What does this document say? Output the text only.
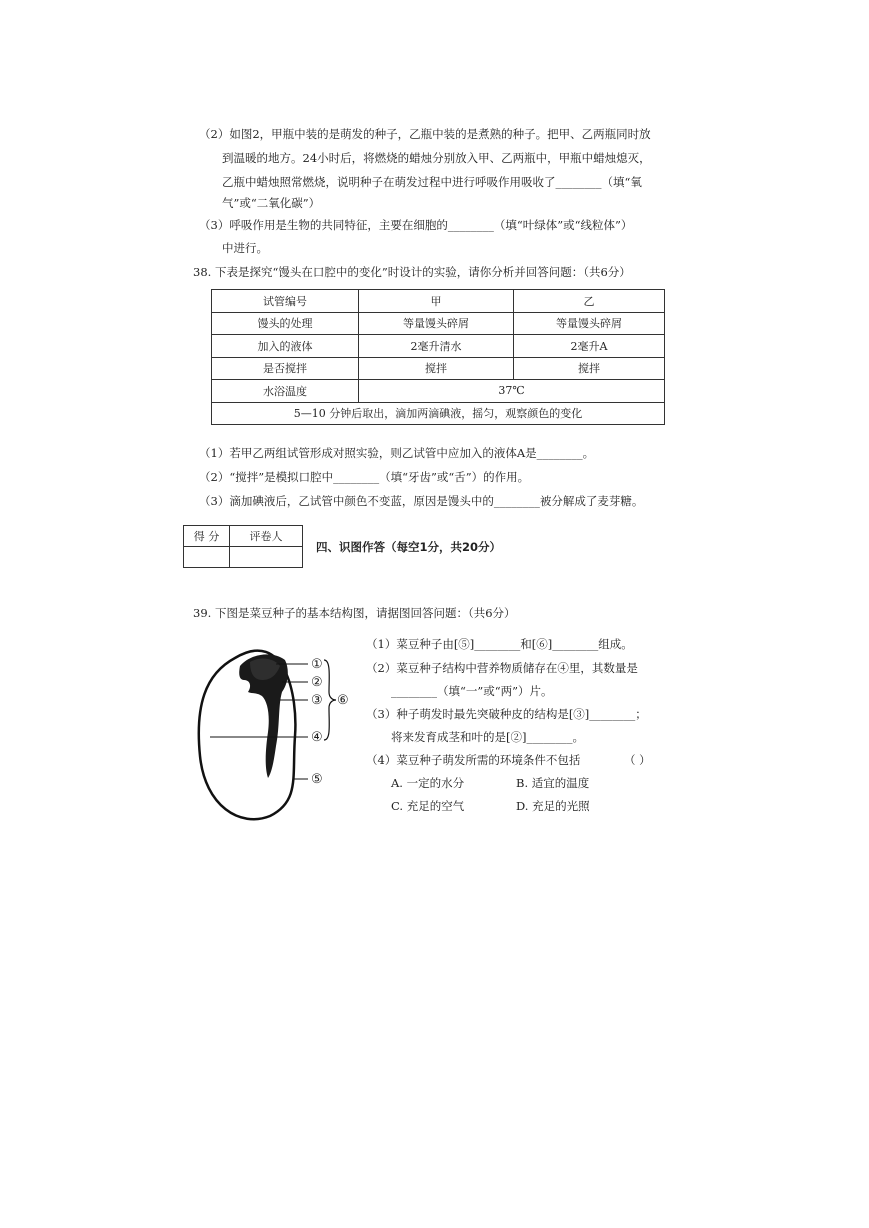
（2）如图2，甲瓶中装的是萌发的种子，乙瓶中装的是煮熟的种子。把甲、乙两瓶同时放
到温暖的地方。24小时后，将燃烧的蜡烛分别放入甲、乙两瓶中，甲瓶中蜡烛熄灭，
乙瓶中蜡烛照常燃烧，说明种子在萌发过程中进行呼吸作用吸收了________（填“氧
气”或“二氧化碳”）
（3）呼吸作用是生物的共同特征，主要在细胞的________（填“叶绿体”或“线粒体”）
中进行。
38. 下表是探究“馒头在口腔中的变化”时设计的实验，请你分析并回答问题：（共6分）
试管编号	甲	乙
馒头的处理	等量馒头碎屑	等量馒头碎屑
加入的液体	2毫升清水	2毫升A
是否搅拌	搅拌	搅拌
水浴温度	37℃	
5—10 分钟后取出，滴加两滴碘液，摇匀，观察颜色的变化		
（1）若甲乙两组试管形成对照实验，则乙试管中应加入的液体A是________。
（2）“搅拌”是模拟口腔中________（填“牙齿”或“舌”）的作用。
（3）滴加碘液后，乙试管中颜色不变蓝，原因是馒头中的________被分解成了麦芽糖。
得 分	评卷人

四、识图作答（每空1分，共20分）
39. 下图是菜豆种子的基本结构图，请据图回答问题：（共6分）
①
②
③
④
⑤
⑥
（1）菜豆种子由[⑤]________和[⑥]________组成。
（2）菜豆种子结构中营养物质储存在④里，其数量是
________（填“一”或“两”）片。
（3）种子萌发时最先突破种皮的结构是[③]________；
将来发育成茎和叶的是[②]________。
（4）菜豆种子萌发所需的环境条件不包括	（ ）
A. 一定的水分	B. 适宜的温度
C. 充足的空气	D. 充足的光照
